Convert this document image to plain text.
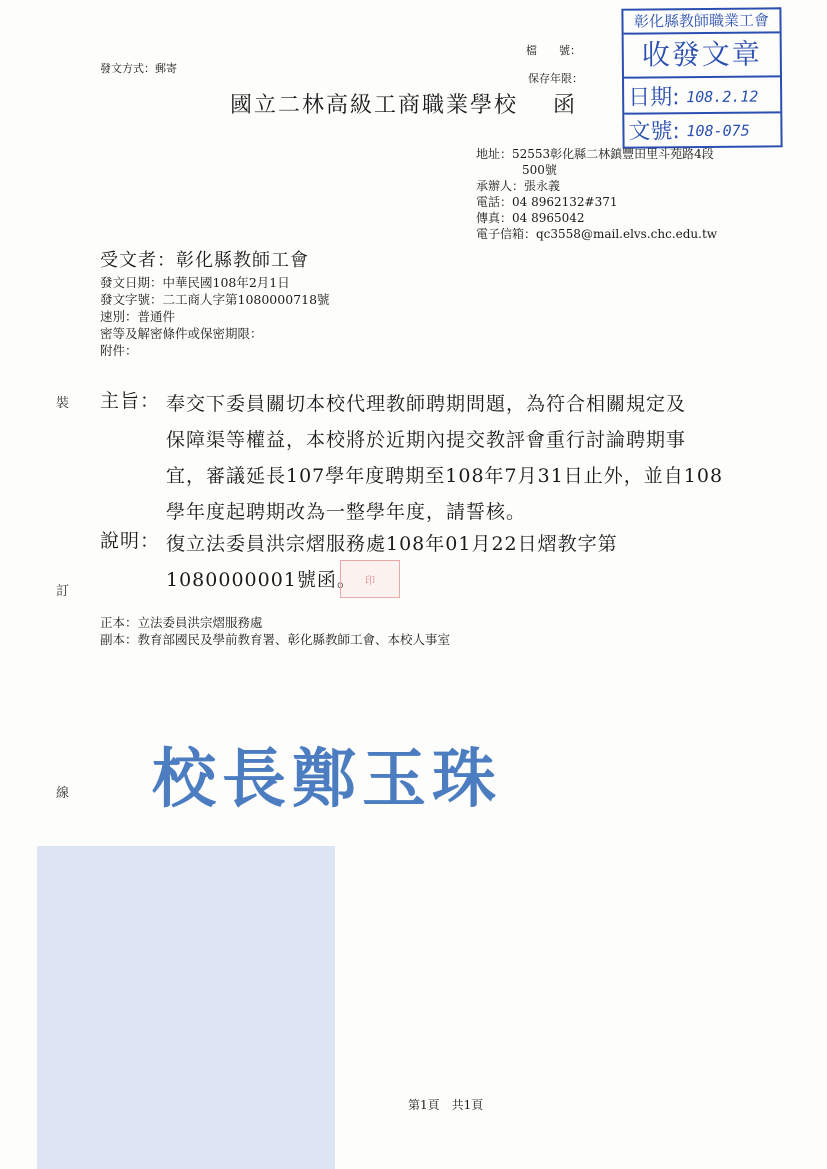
發文方式：郵寄
檔　　號：
保存年限：
國立二林高級工商職業學校 函
彰化縣教師職業工會
收發文章
日期: 108.2.12
文號: 108-075
地址：52553彰化縣二林鎮豐田里斗苑路4段
500號
承辦人：張永義
電話：04 8962132#371
傳真：04 8965042
電子信箱：qc3558@mail.elvs.chc.edu.tw
受文者：彰化縣教師工會
發文日期：中華民國108年2月1日
發文字號：二工商人字第1080000718號
速別：普通件
密等及解密條件或保密期限：
附件：
裝
訂
線
主旨： 奉交下委員關切本校代理教師聘期問題，為符合相關規定及
保障渠等權益，本校將於近期內提交教評會重行討論聘期事
宜，審議延長107學年度聘期至108年7月31日止外，並自108
學年度起聘期改為一整學年度，請誓核。
說明： 復立法委員洪宗熠服務處108年01月22日熠教字第
1080000001號函。 印
正本：立法委員洪宗熠服務處
副本：教育部國民及學前教育署、彰化縣教師工會、本校人事室
校長鄭玉珠
第1頁　共1頁
